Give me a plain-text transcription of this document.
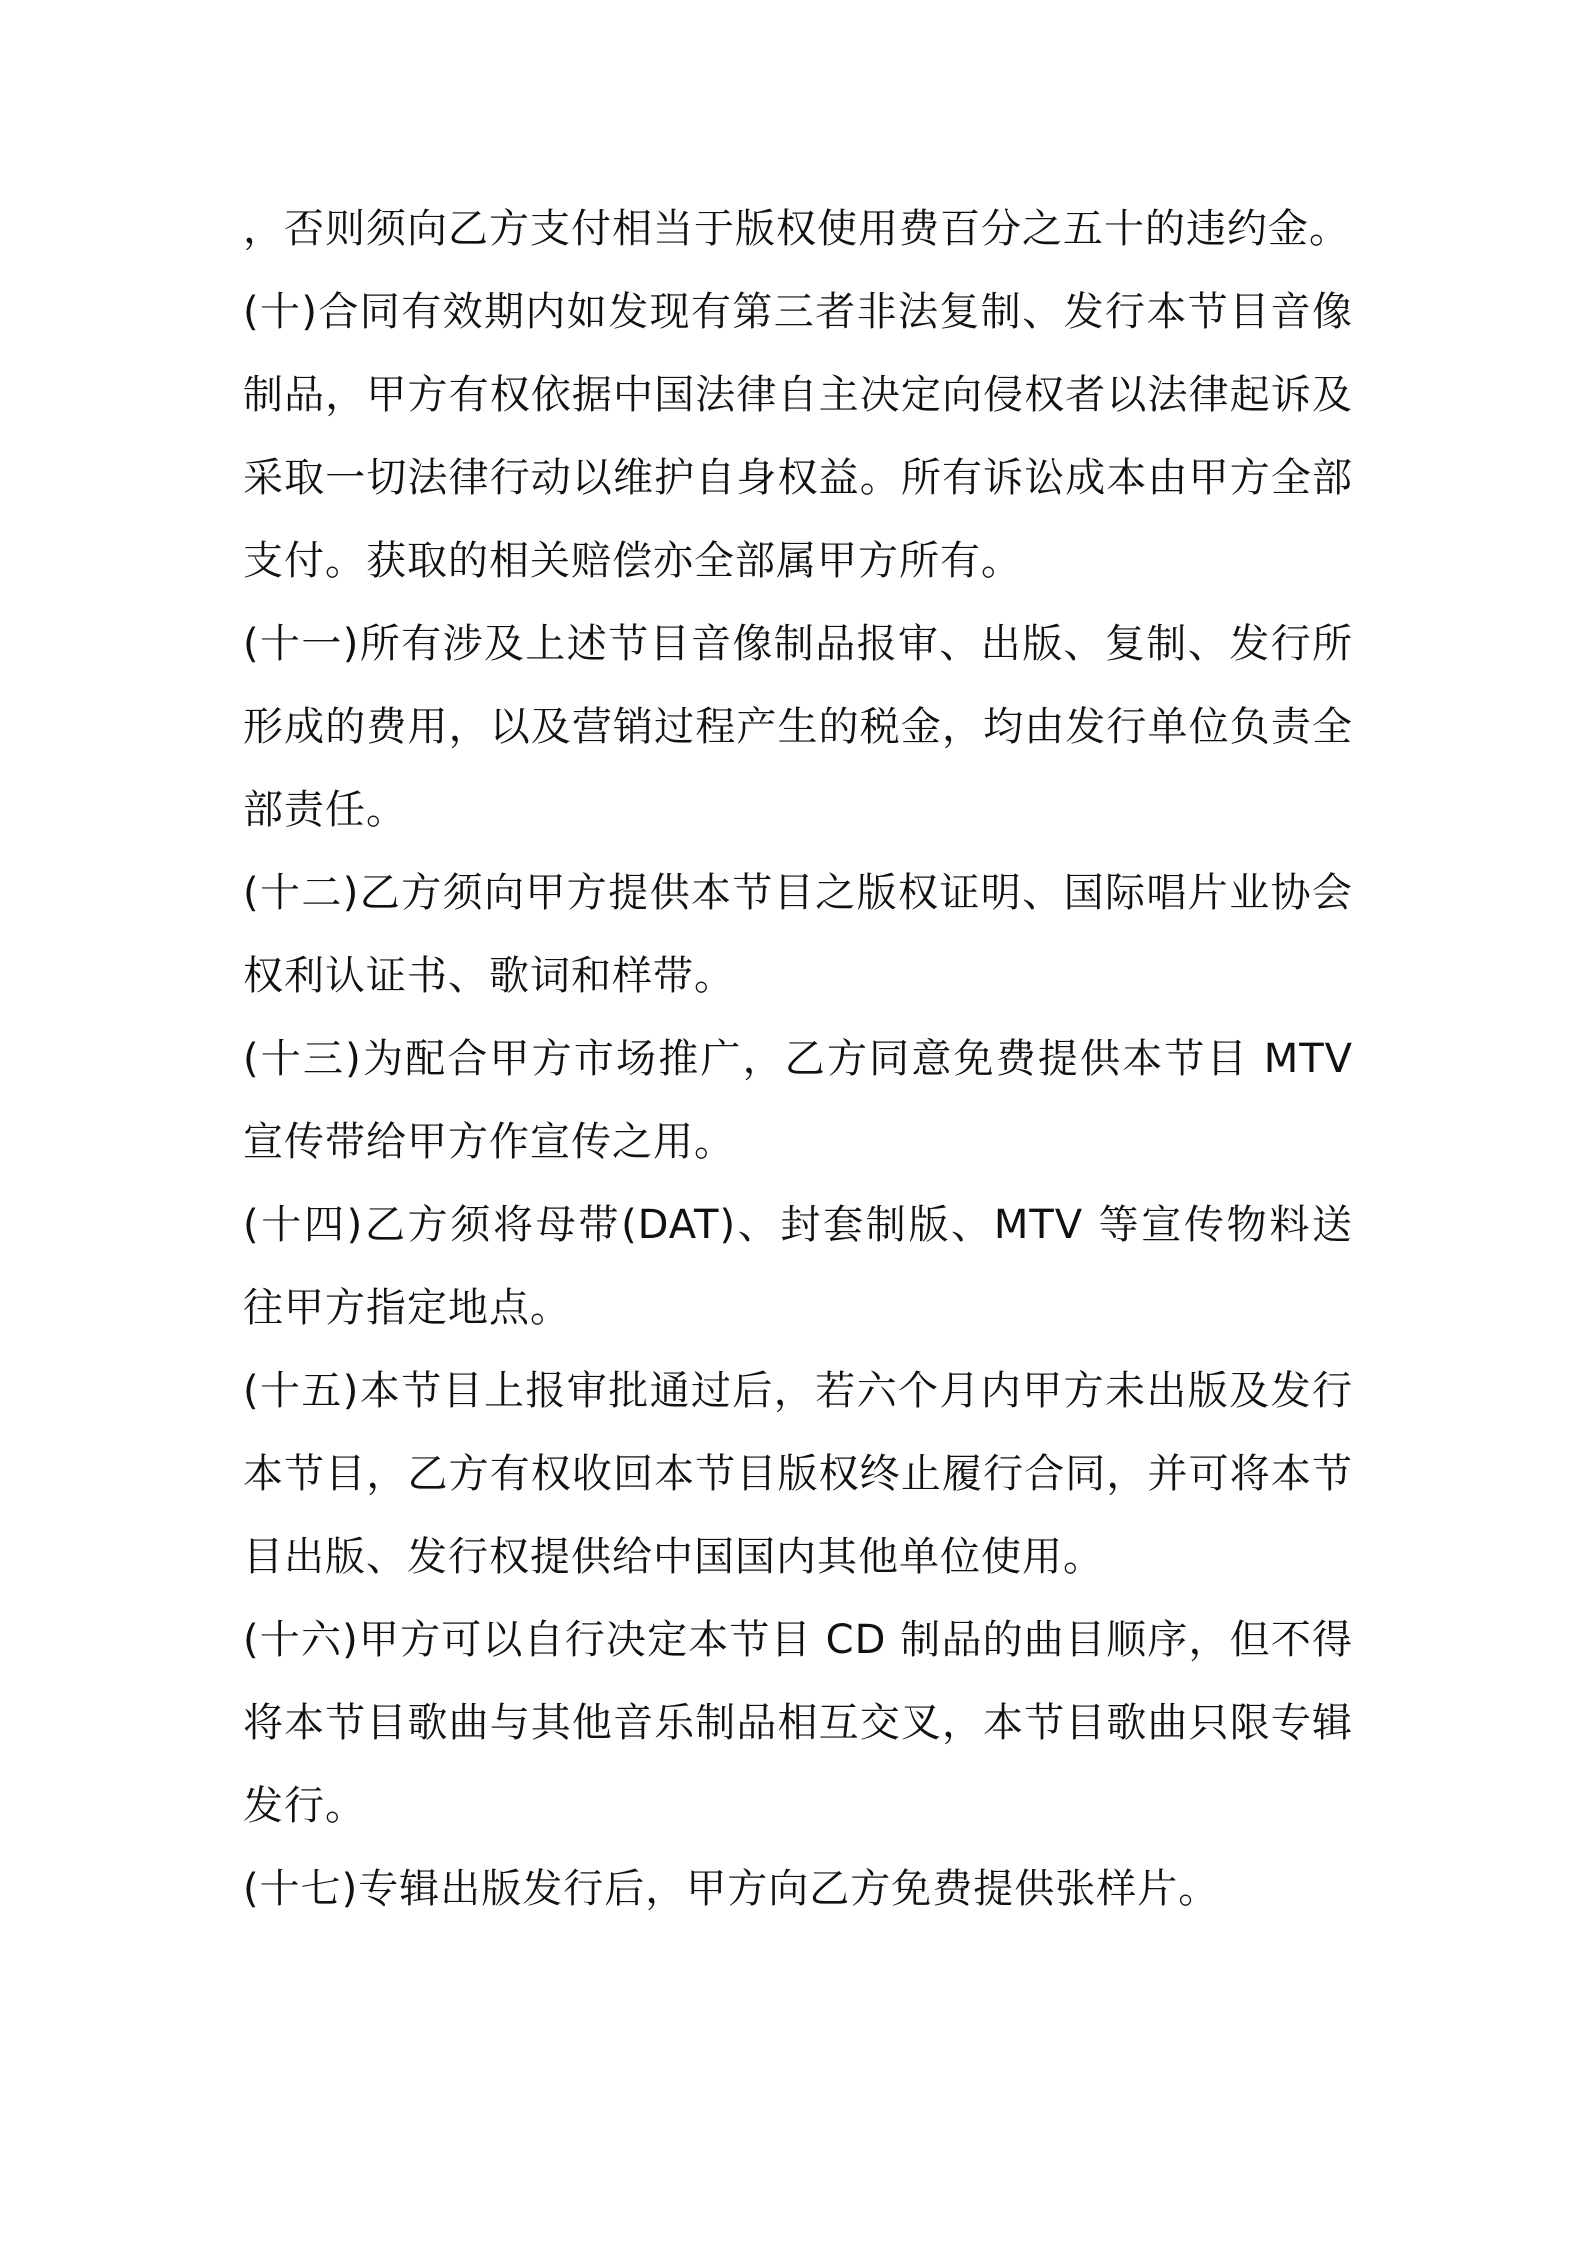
，否则须向乙方支付相当于版权使用费百分之五十的违约金。

(十)合同有效期内如发现有第三者非法复制、发行本节目音像制品，甲方有权依据中国法律自主决定向侵权者以法律起诉及采取一切法律行动以维护自身权益。所有诉讼成本由甲方全部支付。获取的相关赔偿亦全部属甲方所有。

(十一)所有涉及上述节目音像制品报审、出版、复制、发行所形成的费用，以及营销过程产生的税金，均由发行单位负责全部责任。

(十二)乙方须向甲方提供本节目之版权证明、国际唱片业协会权利认证书、歌词和样带。

(十三)为配合甲方市场推广，乙方同意免费提供本节目 MTV 宣传带给甲方作宣传之用。

(十四)乙方须将母带(DAT)、封套制版、MTV 等宣传物料送往甲方指定地点。

(十五)本节目上报审批通过后，若六个月内甲方未出版及发行本节目，乙方有权收回本节目版权终止履行合同，并可将本节目出版、发行权提供给中国国内其他单位使用。

(十六)甲方可以自行决定本节目 CD 制品的曲目顺序，但不得将本节目歌曲与其他音乐制品相互交叉，本节目歌曲只限专辑发行。

(十七)专辑出版发行后，甲方向乙方免费提供张样片。
